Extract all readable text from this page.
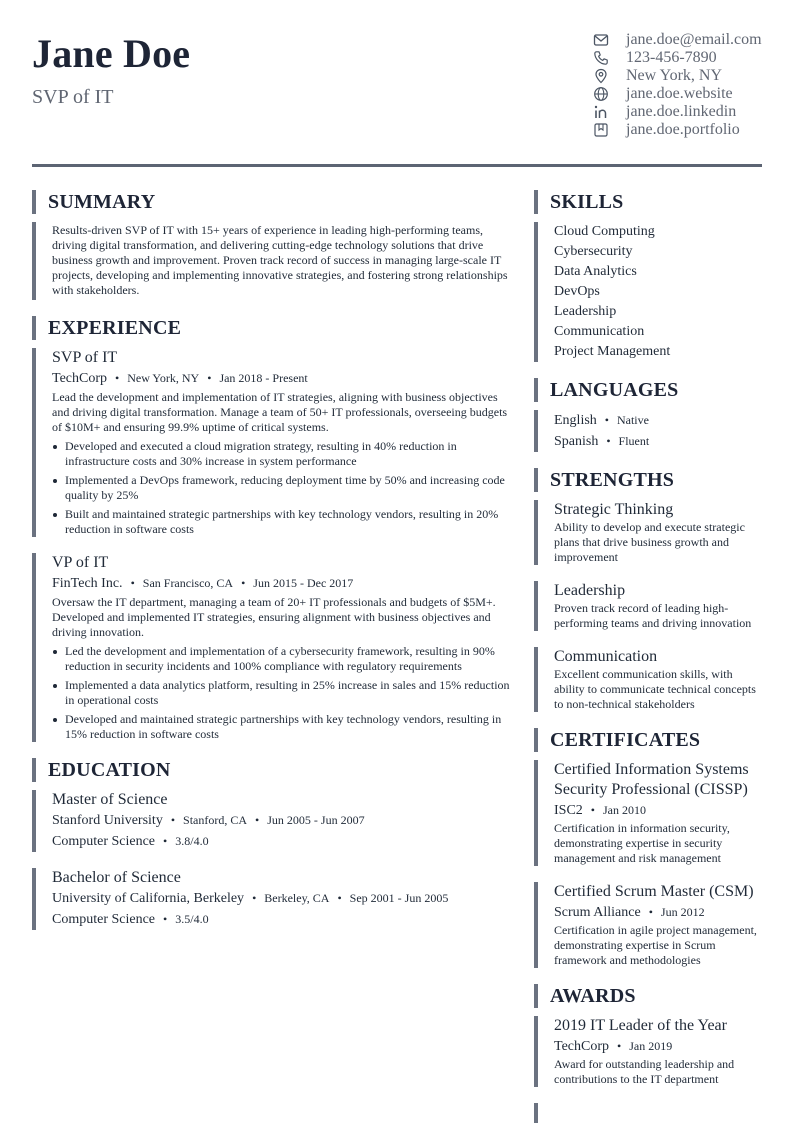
Jane Doe
SVP of IT
jane.doe@email.com
123-456-7890
New York, NY
jane.doe.website
jane.doe.linkedin
jane.doe.portfolio
SUMMARY
Results-driven SVP of IT with 15+ years of experience in leading high-performing teams, driving digital transformation, and delivering cutting-edge technology solutions that drive business growth and improvement. Proven track record of success in managing large-scale IT projects, developing and implementing innovative strategies, and fostering strong relationships with stakeholders.
EXPERIENCE
SVP of IT
TechCorp • New York, NY • Jan 2018 - Present
Lead the development and implementation of IT strategies, aligning with business objectives and driving digital transformation. Manage a team of 50+ IT professionals, overseeing budgets of $10M+ and ensuring 99.9% uptime of critical systems.
Developed and executed a cloud migration strategy, resulting in 40% reduction in infrastructure costs and 30% increase in system performance
Implemented a DevOps framework, reducing deployment time by 50% and increasing code quality by 25%
Built and maintained strategic partnerships with key technology vendors, resulting in 20% reduction in software costs
VP of IT
FinTech Inc. • San Francisco, CA • Jun 2015 - Dec 2017
Oversaw the IT department, managing a team of 20+ IT professionals and budgets of $5M+. Developed and implemented IT strategies, ensuring alignment with business objectives and driving innovation.
Led the development and implementation of a cybersecurity framework, resulting in 90% reduction in security incidents and 100% compliance with regulatory requirements
Implemented a data analytics platform, resulting in 25% increase in sales and 15% reduction in operational costs
Developed and maintained strategic partnerships with key technology vendors, resulting in 15% reduction in software costs
EDUCATION
Master of Science
Stanford University • Stanford, CA • Jun 2005 - Jun 2007
Computer Science • 3.8/4.0
Bachelor of Science
University of California, Berkeley • Berkeley, CA • Sep 2001 - Jun 2005
Computer Science • 3.5/4.0
SKILLS
Cloud Computing
Cybersecurity
Data Analytics
DevOps
Leadership
Communication
Project Management
LANGUAGES
English • Native
Spanish • Fluent
STRENGTHS
Strategic Thinking
Ability to develop and execute strategic plans that drive business growth and improvement
Leadership
Proven track record of leading high-performing teams and driving innovation
Communication
Excellent communication skills, with ability to communicate technical concepts to non-technical stakeholders
CERTIFICATES
Certified Information Systems Security Professional (CISSP)
ISC2 • Jan 2010
Certification in information security, demonstrating expertise in security management and risk management
Certified Scrum Master (CSM)
Scrum Alliance • Jun 2012
Certification in agile project management, demonstrating expertise in Scrum framework and methodologies
AWARDS
2019 IT Leader of the Year
TechCorp • Jan 2019
Award for outstanding leadership and contributions to the IT department
